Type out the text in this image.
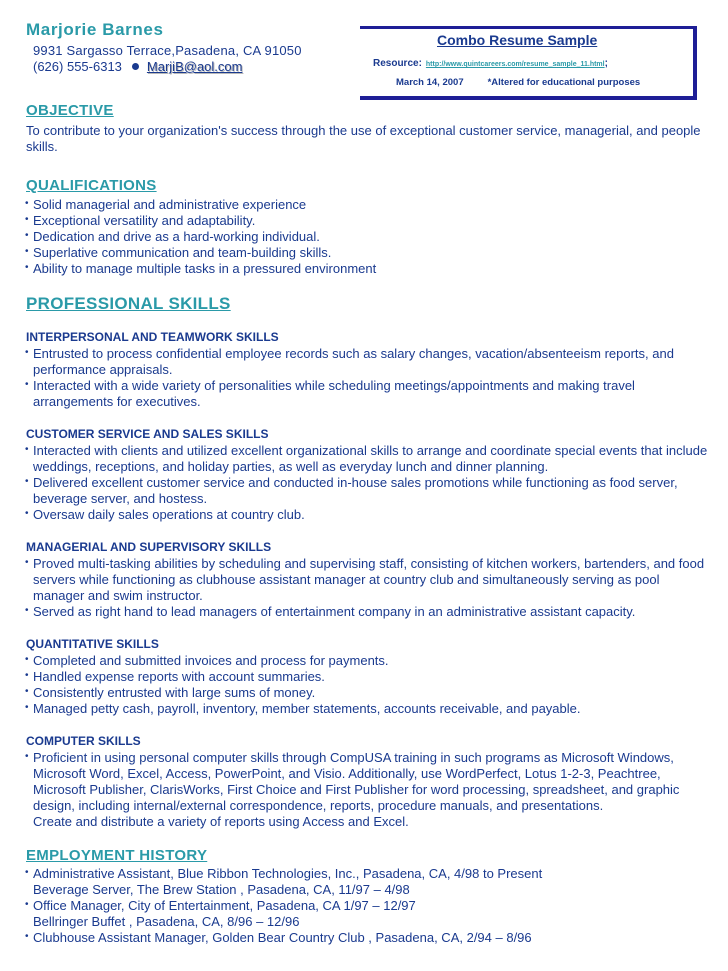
Marjorie Barnes
9931 Sargasso Terrace,Pasadena, CA 91050
(626) 555-6313 MarjiB@aol.com
Combo Resume Sample
Resource: http://www.quintcareers.com/resume_sample_11.html;
March 14, 2007	*Altered for educational purposes
OBJECTIVE
To contribute to your organization's success through the use of exceptional customer service, managerial, and people skills.
QUALIFICATIONS
• Solid managerial and administrative experience
• Exceptional versatility and adaptability.
• Dedication and drive as a hard-working individual.
• Superlative communication and team-building skills.
• Ability to manage multiple tasks in a pressured environment
PROFESSIONAL SKILLS
INTERPERSONAL AND TEAMWORK SKILLS
• Entrusted to process confidential employee records such as salary changes, vacation/absenteeism reports, and performance appraisals.
• Interacted with a wide variety of personalities while scheduling meetings/appointments and making travel arrangements for executives.
CUSTOMER SERVICE AND SALES SKILLS
• Interacted with clients and utilized excellent organizational skills to arrange and coordinate special events that include weddings, receptions, and holiday parties, as well as everyday lunch and dinner planning.
• Delivered excellent customer service and conducted in-house sales promotions while functioning as food server, beverage server, and hostess.
• Oversaw daily sales operations at country club.
MANAGERIAL AND SUPERVISORY SKILLS
• Proved multi-tasking abilities by scheduling and supervising staff, consisting of kitchen workers, bartenders, and food servers while functioning as clubhouse assistant manager at country club and simultaneously serving as pool manager and swim instructor.
• Served as right hand to lead managers of entertainment company in an administrative assistant capacity.
QUANTITATIVE SKILLS
• Completed and submitted invoices and process for payments.
• Handled expense reports with account summaries.
• Consistently entrusted with large sums of money.
• Managed petty cash, payroll, inventory, member statements, accounts receivable, and payable.
COMPUTER SKILLS
• Proficient in using personal computer skills through CompUSA training in such programs as Microsoft Windows, Microsoft Word, Excel, Access, PowerPoint, and Visio. Additionally, use WordPerfect, Lotus 1-2-3, Peachtree, Microsoft Publisher, ClarisWorks, First Choice and First Publisher for word processing, spreadsheet, and graphic design, including internal/external correspondence, reports, procedure manuals, and presentations.
Create and distribute a variety of reports using Access and Excel.
EMPLOYMENT HISTORY
• Administrative Assistant, Blue Ribbon Technologies, Inc., Pasadena, CA, 4/98 to Present
Beverage Server, The Brew Station , Pasadena, CA, 11/97 – 4/98
• Office Manager, City of Entertainment, Pasadena, CA 1/97 – 12/97
Bellringer Buffet , Pasadena, CA, 8/96 – 12/96
• Clubhouse Assistant Manager, Golden Bear Country Club , Pasadena, CA, 2/94 – 8/96
